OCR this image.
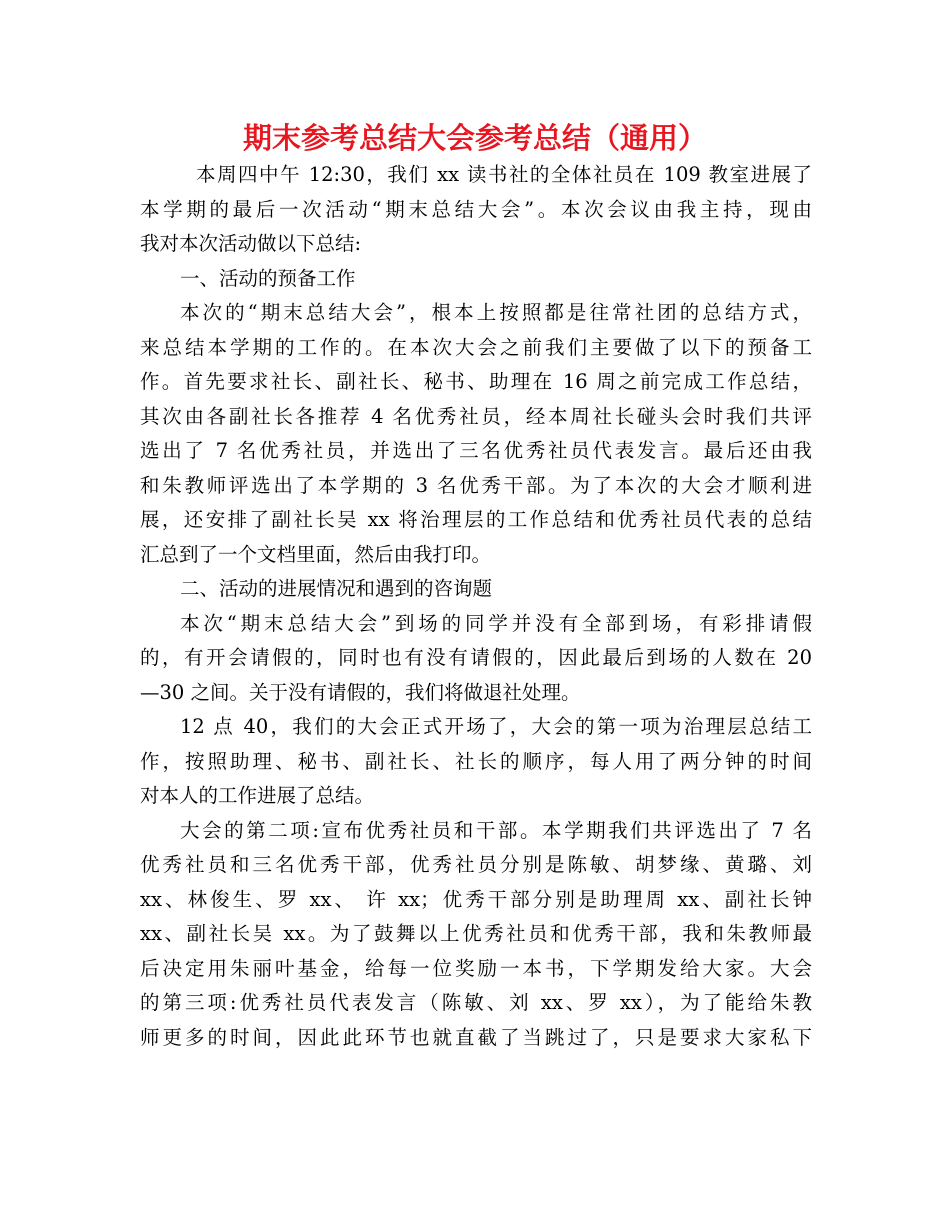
期末参考总结大会参考总结（通用）
本周四中午 12:30，我们 xx 读书社的全体社员在 109 教室进展了
本学期的最后一次活动“期末总结大会”。本次会议由我主持，现由
我对本次活动做以下总结:
一、活动的预备工作
本次的“期末总结大会”，根本上按照都是往常社团的总结方式，
来总结本学期的工作的。在本次大会之前我们主要做了以下的预备工
作。首先要求社长、副社长、秘书、助理在 16 周之前完成工作总结，
其次由各副社长各推荐 4 名优秀社员，经本周社长碰头会时我们共评
选出了 7 名优秀社员，并选出了三名优秀社员代表发言。最后还由我
和朱教师评选出了本学期的 3 名优秀干部。为了本次的大会才顺利进
展，还安排了副社长吴 xx 将治理层的工作总结和优秀社员代表的总结
汇总到了一个文档里面，然后由我打印。
二、活动的进展情况和遇到的咨询题
本次“期末总结大会”到场的同学并没有全部到场，有彩排请假
的，有开会请假的，同时也有没有请假的，因此最后到场的人数在 20
—30 之间。关于没有请假的，我们将做退社处理。
12 点 40，我们的大会正式开场了，大会的第一项为治理层总结工
作，按照助理、秘书、副社长、社长的顺序，每人用了两分钟的时间
对本人的工作进展了总结。
大会的第二项:宣布优秀社员和干部。本学期我们共评选出了 7 名
优秀社员和三名优秀干部，优秀社员分别是陈敏、胡梦缘、黄璐、刘
xx、林俊生、罗 xx、 许 xx；优秀干部分别是助理周 xx、副社长钟
xx、副社长吴 xx。为了鼓舞以上优秀社员和优秀干部，我和朱教师最
后决定用朱丽叶基金，给每一位奖励一本书，下学期发给大家。大会
的第三项:优秀社员代表发言（陈敏、刘 xx、罗 xx），为了能给朱教
师更多的时间，因此此环节也就直截了当跳过了，只是要求大家私下
